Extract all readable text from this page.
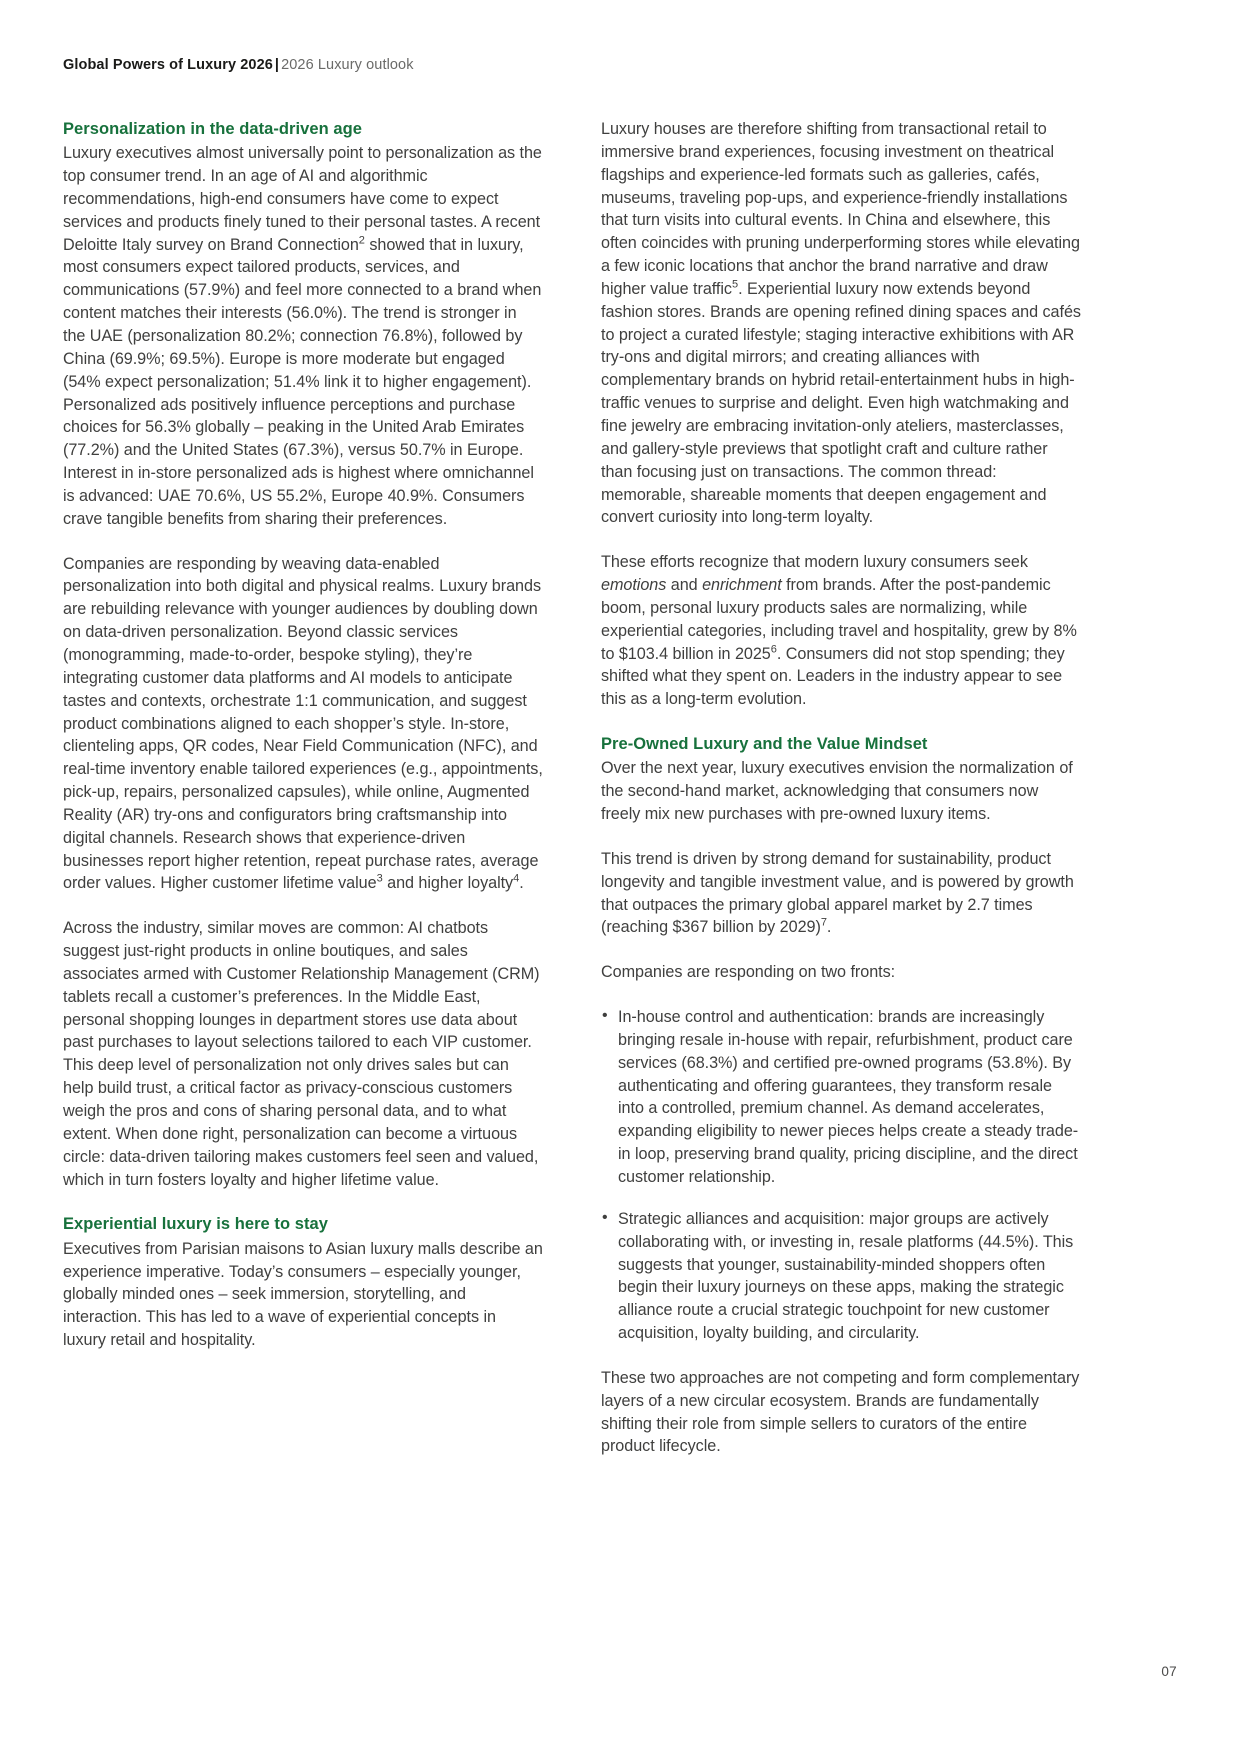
Global Powers of Luxury 2026 | 2026 Luxury outlook
Personalization in the data-driven age

Luxury executives almost universally point to personalization as the top consumer trend. In an age of AI and algorithmic recommendations, high-end consumers have come to expect services and products finely tuned to their personal tastes. A recent Deloitte Italy survey on Brand Connection$^2$ showed that in luxury, most consumers expect tailored products, services, and communications (57.9%) and feel more connected to a brand when content matches their interests (56.0%). The trend is stronger in the UAE (personalization 80.2%; connection 76.8%), followed by China (69.9%; 69.5%). Europe is more moderate but engaged (54% expect personalization; 51.4% link it to higher engagement). Personalized ads positively influence perceptions and purchase choices for 56.3% globally – peaking in the United Arab Emirates (77.2%) and the United States (67.3%), versus 50.7% in Europe. Interest in in-store personalized ads is highest where omnichannel is advanced: UAE 70.6%, US 55.2%, Europe 40.9%. Consumers crave tangible benefits from sharing their preferences.

Companies are responding by weaving data-enabled personalization into both digital and physical realms. Luxury brands are rebuilding relevance with younger audiences by doubling down on data-driven personalization. Beyond classic services (monogramming, made-to-order, bespoke styling), they’re integrating customer data platforms and AI models to anticipate tastes and contexts, orchestrate 1:1 communication, and suggest product combinations aligned to each shopper’s style. In-store, clienteling apps, QR codes, Near Field Communication (NFC), and real-time inventory enable tailored experiences (e.g., appointments, pick-up, repairs, personalized capsules), while online, Augmented Reality (AR) try-ons and configurators bring craftsmanship into digital channels. Research shows that experience-driven businesses report higher retention, repeat purchase rates, average order values. Higher customer lifetime value$^3$ and higher loyalty$^4$.

Across the industry, similar moves are common: AI chatbots suggest just-right products in online boutiques, and sales associates armed with Customer Relationship Management (CRM) tablets recall a customer’s preferences. In the Middle East, personal shopping lounges in department stores use data about past purchases to layout selections tailored to each VIP customer. This deep level of personalization not only drives sales but can help build trust, a critical factor as privacy-conscious customers weigh the pros and cons of sharing personal data, and to what extent. When done right, personalization can become a virtuous circle: data-driven tailoring makes customers feel seen and valued, which in turn fosters loyalty and higher lifetime value.

Experiential luxury is here to stay

Executives from Parisian maisons to Asian luxury malls describe an experience imperative. Today’s consumers – especially younger, globally minded ones – seek immersion, storytelling, and interaction. This has led to a wave of experiential concepts in luxury retail and hospitality.

Luxury houses are therefore shifting from transactional retail to immersive brand experiences, focusing investment on theatrical flagships and experience-led formats such as galleries, cafés, museums, traveling pop-ups, and experience-friendly installations that turn visits into cultural events. In China and elsewhere, this often coincides with pruning underperforming stores while elevating a few iconic locations that anchor the brand narrative and draw higher value traffic$^5$. Experiential luxury now extends beyond fashion stores. Brands are opening refined dining spaces and cafés to project a curated lifestyle; staging interactive exhibitions with AR try-ons and digital mirrors; and creating alliances with complementary brands on hybrid retail-entertainment hubs in high-traffic venues to surprise and delight. Even high watchmaking and fine jewelry are embracing invitation-only ateliers, masterclasses, and gallery-style previews that spotlight craft and culture rather than focusing just on transactions. The common thread: memorable, shareable moments that deepen engagement and convert curiosity into long-term loyalty.

These efforts recognize that modern luxury consumers seek emotions and enrichment from brands. After the post-pandemic boom, personal luxury products sales are normalizing, while experiential categories, including travel and hospitality, grew by 8% to $103.4 billion in 2025$^6$. Consumers did not stop spending; they shifted what they spent on. Leaders in the industry appear to see this as a long-term evolution.

Pre-Owned Luxury and the Value Mindset

Over the next year, luxury executives envision the normalization of the second-hand market, acknowledging that consumers now freely mix new purchases with pre-owned luxury items.

This trend is driven by strong demand for sustainability, product longevity and tangible investment value, and is powered by growth that outpaces the primary global apparel market by 2.7 times (reaching $367 billion by 2029)$^7$.

Companies are responding on two fronts:

• In-house control and authentication: brands are increasingly bringing resale in-house with repair, refurbishment, product care services (68.3%) and certified pre-owned programs (53.8%). By authenticating and offering guarantees, they transform resale into a controlled, premium channel. As demand accelerates, expanding eligibility to newer pieces helps create a steady trade-in loop, preserving brand quality, pricing discipline, and the direct customer relationship.
• Strategic alliances and acquisition: major groups are actively collaborating with, or investing in, resale platforms (44.5%). This suggests that younger, sustainability-minded shoppers often begin their luxury journeys on these apps, making the strategic alliance route a crucial strategic touchpoint for new customer acquisition, loyalty building, and circularity.

These two approaches are not competing and form complementary layers of a new circular ecosystem. Brands are fundamentally shifting their role from simple sellers to curators of the entire product lifecycle.

07
